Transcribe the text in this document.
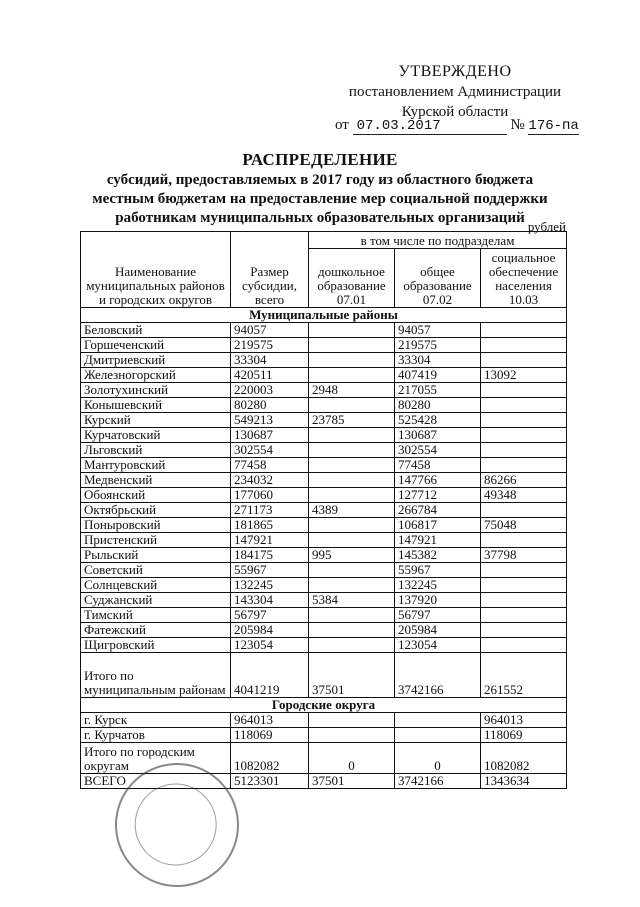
УТВЕРЖДЕНО
постановлением Администрации
Курской области
от 07.03.2017	№ 176-па
РАСПРЕДЕЛЕНИЕ
субсидий, предоставляемых в 2017 году из областного бюджета
местным бюджетам на предоставление мер социальной поддержки
работникам муниципальных образовательных организаций
рублей
Наименование муниципальных районов и городских округов	Размер субсидии, всего	в том числе по подразделам		
		дошкольное образование 07.01	общее образование 07.02	социальное обеспечение населения 10.03
Муниципальные районы				
Беловский	94057		94057	
Горшеченский	219575		219575	
Дмитриевский	33304		33304	
Железногорский	420511		407419	13092
Золотухинский	220003	2948	217055	
Конышевский	80280		80280	
Курский	549213	23785	525428	
Курчатовский	130687		130687	
Льговский	302554		302554	
Мантуровский	77458		77458	
Медвенский	234032		147766	86266
Обоянский	177060		127712	49348
Октябрьский	271173	4389	266784	
Поныровский	181865		106817	75048
Пристенский	147921		147921	
Рыльский	184175	995	145382	37798
Советский	55967		55967	
Солнцевский	132245		132245	
Суджанский	143304	5384	137920	
Тимский	56797		56797	
Фатежский	205984		205984	
Щигровский	123054		123054	
Итого по муниципальным районам	4041219	37501	3742166	261552
Городские округа				
г. Курск	964013			964013
г. Курчатов	118069			118069
Итого по городским округам	1082082	0	0	1082082
ВСЕГО	5123301	37501	3742166	1343634
